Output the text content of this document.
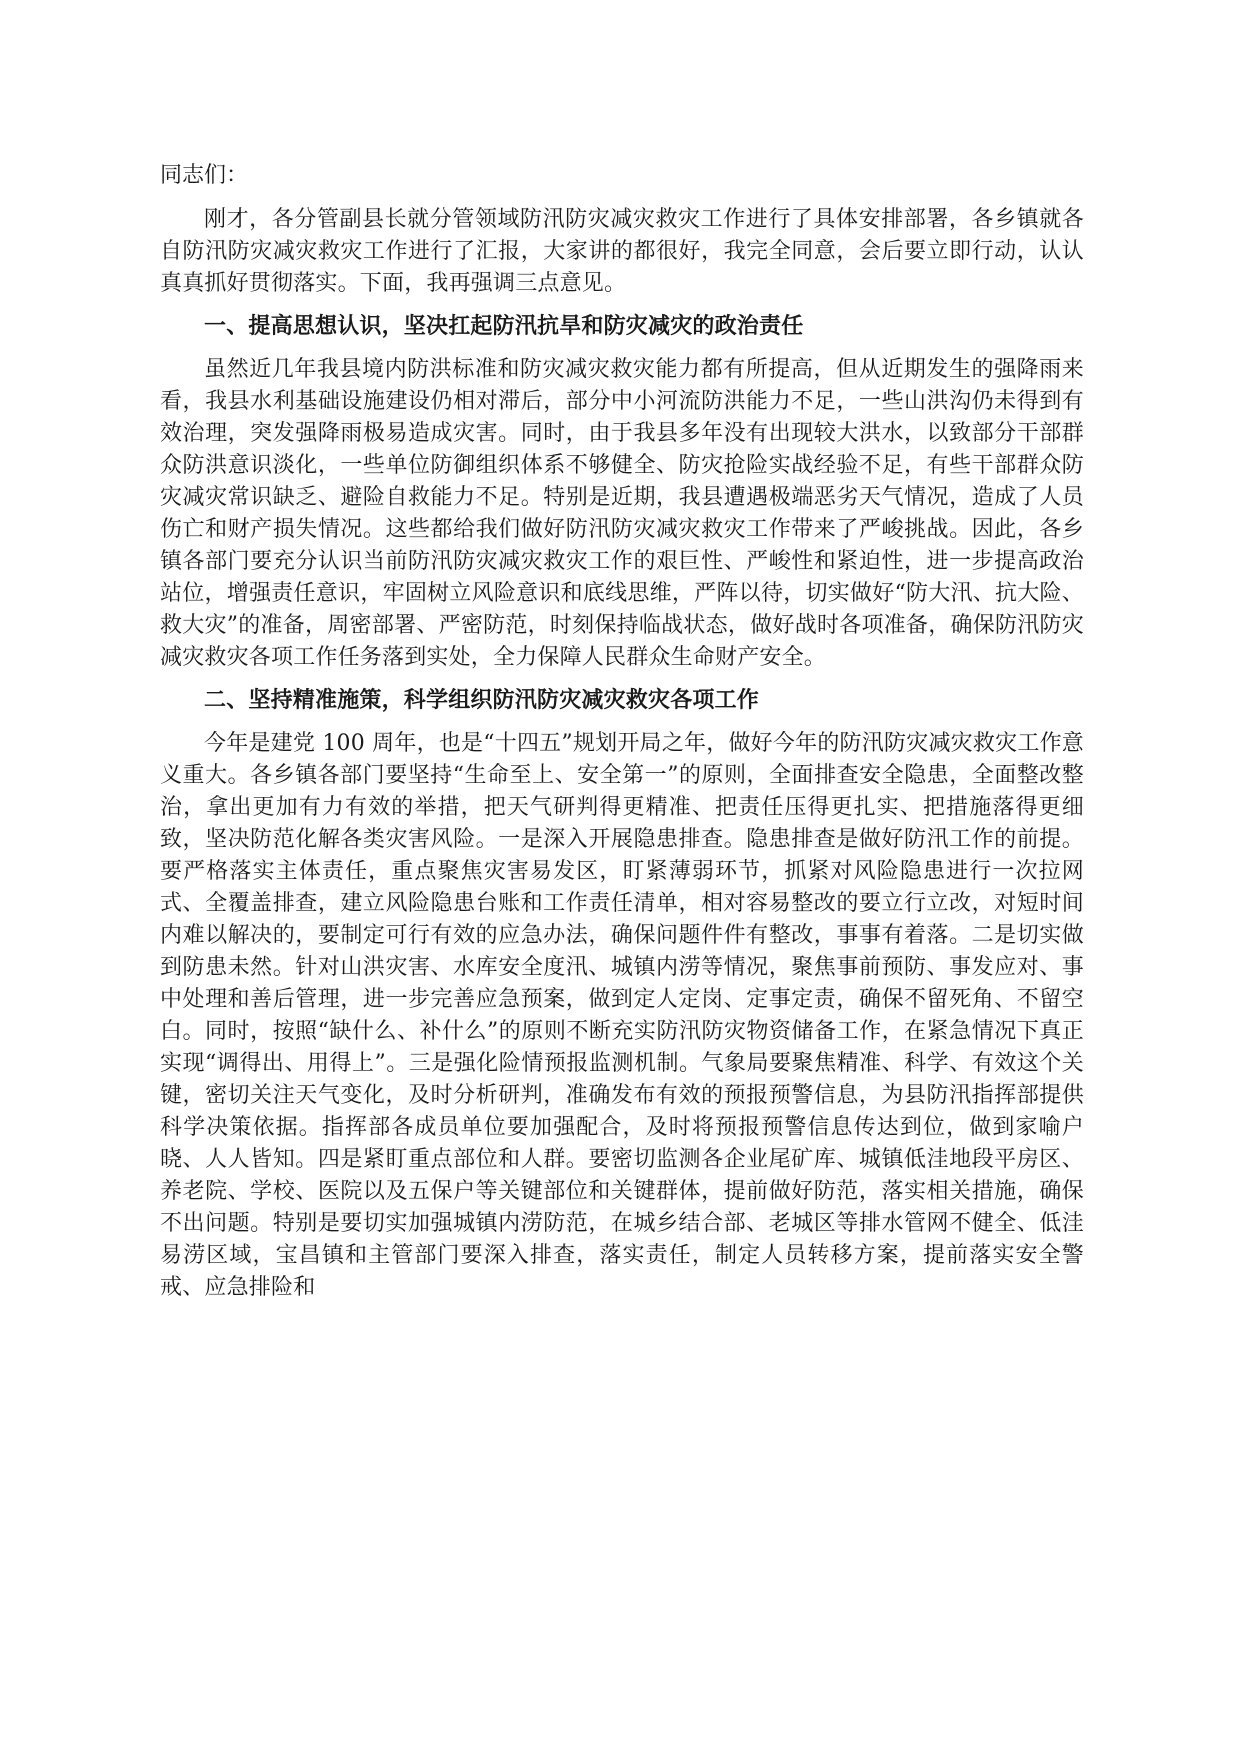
同志们：

刚才，各分管副县长就分管领域防汛防灾减灾救灾工作进行了具体安排部署，各乡镇就各自防汛防灾减灾救灾工作进行了汇报，大家讲的都很好，我完全同意，会后要立即行动，认认真真抓好贯彻落实。下面，我再强调三点意见。

一、提高思想认识，坚决扛起防汛抗旱和防灾减灾的政治责任

虽然近几年我县境内防洪标准和防灾减灾救灾能力都有所提高，但从近期发生的强降雨来看，我县水利基础设施建设仍相对滞后，部分中小河流防洪能力不足，一些山洪沟仍未得到有效治理，突发强降雨极易造成灾害。同时，由于我县多年没有出现较大洪水，以致部分干部群众防洪意识淡化，一些单位防御组织体系不够健全、防灾抢险实战经验不足，有些干部群众防灾减灾常识缺乏、避险自救能力不足。特别是近期，我县遭遇极端恶劣天气情况，造成了人员伤亡和财产损失情况。这些都给我们做好防汛防灾减灾救灾工作带来了严峻挑战。因此，各乡镇各部门要充分认识当前防汛防灾减灾救灾工作的艰巨性、严峻性和紧迫性，进一步提高政治站位，增强责任意识，牢固树立风险意识和底线思维，严阵以待，切实做好“防大汛、抗大险、救大灾”的准备，周密部署、严密防范，时刻保持临战状态，做好战时各项准备，确保防汛防灾减灾救灾各项工作任务落到实处，全力保障人民群众生命财产安全。

二、坚持精准施策，科学组织防汛防灾减灾救灾各项工作

今年是建党 100 周年，也是“十四五”规划开局之年，做好今年的防汛防灾减灾救灾工作意义重大。各乡镇各部门要坚持“生命至上、安全第一”的原则，全面排查安全隐患，全面整改整治，拿出更加有力有效的举措，把天气研判得更精准、把责任压得更扎实、把措施落得更细致，坚决防范化解各类灾害风险。一是深入开展隐患排查。隐患排查是做好防汛工作的前提。要严格落实主体责任，重点聚焦灾害易发区，盯紧薄弱环节，抓紧对风险隐患进行一次拉网式、全覆盖排查，建立风险隐患台账和工作责任清单，相对容易整改的要立行立改，对短时间内难以解决的，要制定可行有效的应急办法，确保问题件件有整改，事事有着落。二是切实做到防患未然。针对山洪灾害、水库安全度汛、城镇内涝等情况，聚焦事前预防、事发应对、事中处理和善后管理，进一步完善应急预案，做到定人定岗、定事定责，确保不留死角、不留空白。同时，按照“缺什么、补什么”的原则不断充实防汛防灾物资储备工作，在紧急情况下真正实现“调得出、用得上”。三是强化险情预报监测机制。气象局要聚焦精准、科学、有效这个关键，密切关注天气变化，及时分析研判，准确发布有效的预报预警信息，为县防汛指挥部提供科学决策依据。指挥部各成员单位要加强配合，及时将预报预警信息传达到位，做到家喻户晓、人人皆知。四是紧盯重点部位和人群。要密切监测各企业尾矿库、城镇低洼地段平房区、养老院、学校、医院以及五保户等关键部位和关键群体，提前做好防范，落实相关措施，确保不出问题。特别是要切实加强城镇内涝防范，在城乡结合部、老城区等排水管网不健全、低洼易涝区域，宝昌镇和主管部门要深入排查，落实责任，制定人员转移方案，提前落实安全警戒、应急排险和
